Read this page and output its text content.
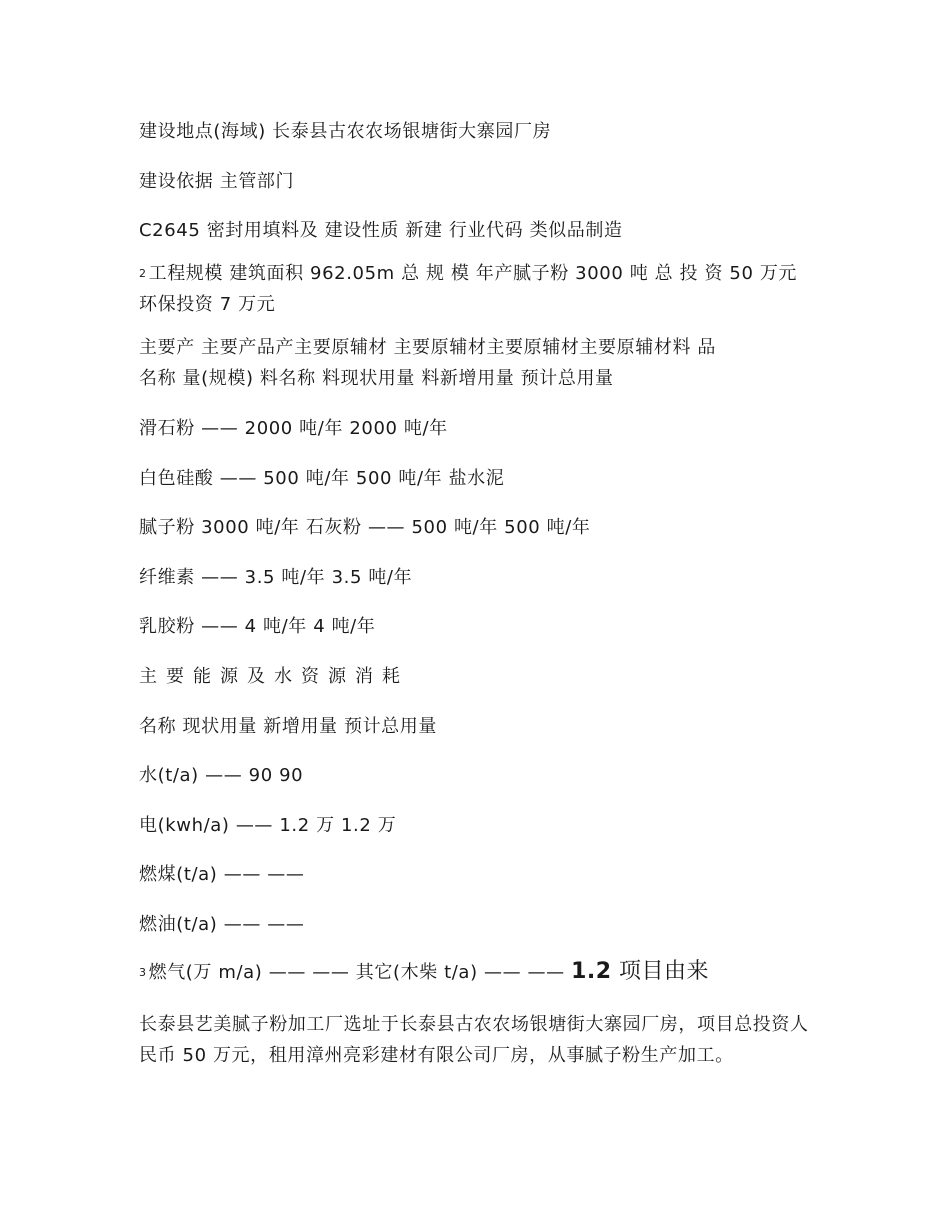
建设地点(海域) 长泰县古农农场银塘街大寨园厂房
建设依据 主管部门
C2645 密封用填料及 建设性质 新建 行业代码 类似品制造
2 工程规模 建筑面积 962.05m 总 规 模 年产腻子粉 3000 吨 总 投 资 50 万元 环保投资 7 万元
主要产 主要产品产主要原辅材 主要原辅材主要原辅材主要原辅材料 品
名称 量(规模) 料名称 料现状用量 料新增用量 预计总用量
滑石粉 —— 2000 吨/年 2000 吨/年
白色硅酸 —— 500 吨/年 500 吨/年 盐水泥
腻子粉 3000 吨/年 石灰粉 —— 500 吨/年 500 吨/年
纤维素 —— 3.5 吨/年 3.5 吨/年
乳胶粉 —— 4 吨/年 4 吨/年
主要能源及水资源消耗
名称 现状用量 新增用量 预计总用量
水(t/a) —— 90 90
电(kwh/a) —— 1.2 万 1.2 万
燃煤(t/a) —— ——
燃油(t/a) —— ——
3 燃气(万 m/a) —— —— 其它(木柴 t/a) —— —— 1.2 项目由来
长泰县艺美腻子粉加工厂选址于长泰县古农农场银塘街大寨园厂房，项目总投资人民币 50 万元，租用漳州亮彩建材有限公司厂房，从事腻子粉生产加工。
